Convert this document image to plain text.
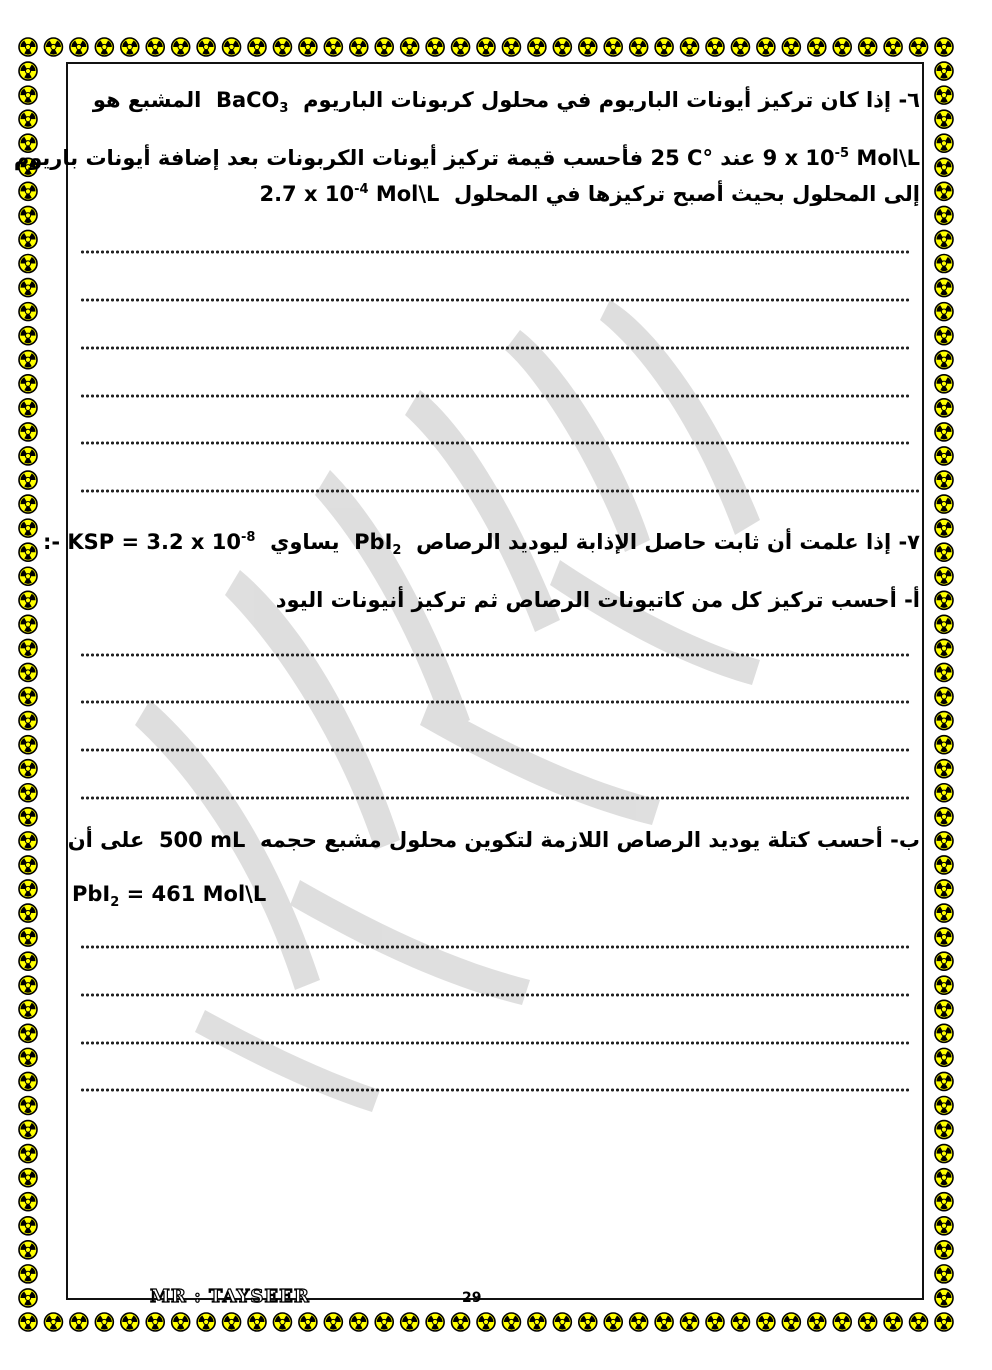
٦- إذا كان تركيز أيونات الباريوم في محلول كربونات الباريوم  BaCO$_3$  المشبع هو
9 x $10^{-5}$ Mol\L عند 25 C° فأحسب قيمة تركيز أيونات الكربونات بعد إضافة أيونات باريوم
إلى المحلول بحيث أصبح تركيزها في المحلول  2.7 x $10^{-4}$ Mol\L
٧- إذا علمت أن ثابت حاصل الإذابة ليوديد الرصاص  PbI$_2$  يساوي  KSP = 3.2 x $10^{-8}$ :-
أ- أحسب تركيز كل من كاتيونات الرصاص ثم تركيز أنيونات اليود
ب- أحسب كتلة يوديد الرصاص اللازمة لتكوين محلول مشبع حجمه  500 mL  على أن
PbI$_2$ = 461 Mol\L
MR : TAYSEER	29
